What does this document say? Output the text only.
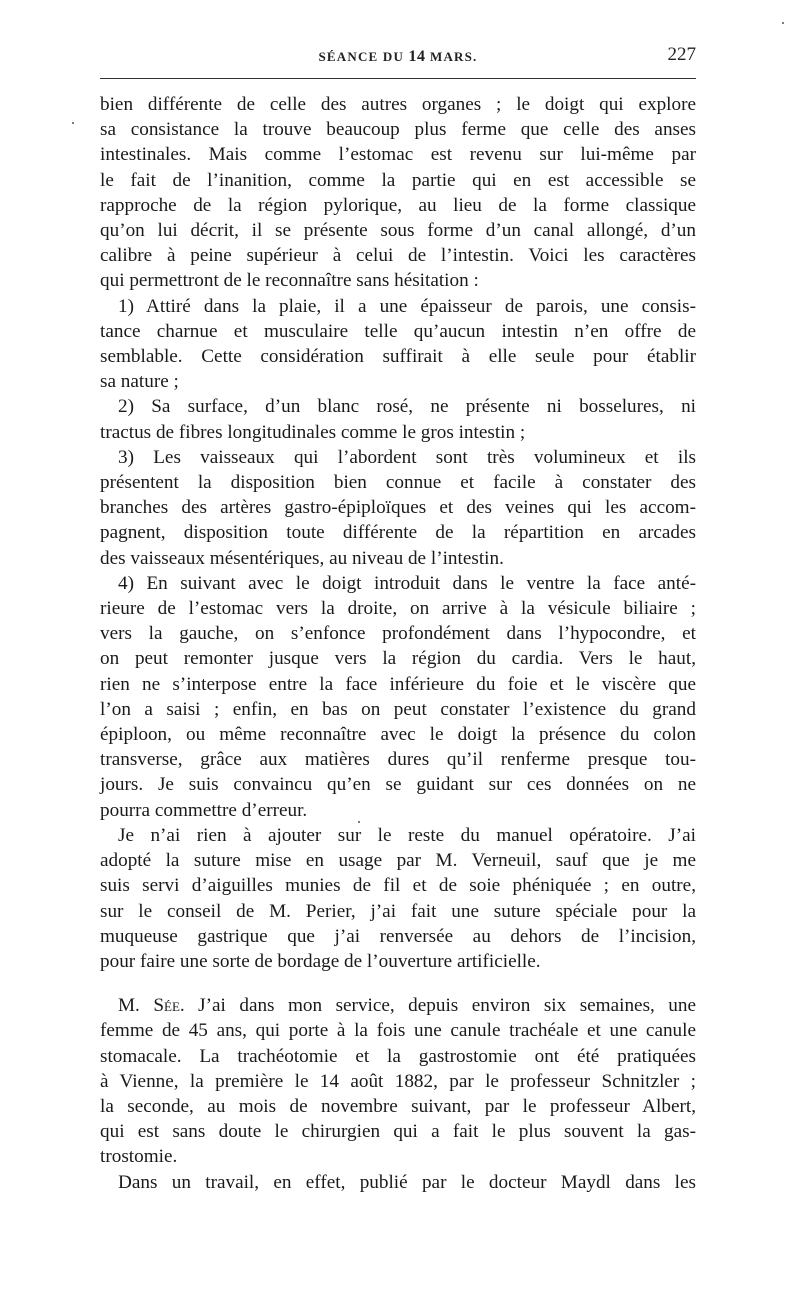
SÉANCE DU 14 MARS.	227
bien différente de celle des autres organes ; le doigt qui explore
sa consistance la trouve beaucoup plus ferme que celle des anses
intestinales. Mais comme l’estomac est revenu sur lui-même par
le fait de l’inanition, comme la partie qui en est accessible se
rapproche de la région pylorique, au lieu de la forme classique
qu’on lui décrit, il se présente sous forme d’un canal allongé, d’un
calibre à peine supérieur à celui de l’intestin. Voici les caractères
qui permettront de le reconnaître sans hésitation :
1) Attiré dans la plaie, il a une épaisseur de parois, une consis-
tance charnue et musculaire telle qu’aucun intestin n’en offre de
semblable. Cette considération suffirait à elle seule pour établir
sa nature ;
2) Sa surface, d’un blanc rosé, ne présente ni bosselures, ni
tractus de fibres longitudinales comme le gros intestin ;
3) Les vaisseaux qui l’abordent sont très volumineux et ils
présentent la disposition bien connue et facile à constater des
branches des artères gastro-épiploïques et des veines qui les accom-
pagnent, disposition toute différente de la répartition en arcades
des vaisseaux mésentériques, au niveau de l’intestin.
4) En suivant avec le doigt introduit dans le ventre la face anté-
rieure de l’estomac vers la droite, on arrive à la vésicule biliaire ;
vers la gauche, on s’enfonce profondément dans l’hypocondre, et
on peut remonter jusque vers la région du cardia. Vers le haut,
rien ne s’interpose entre la face inférieure du foie et le viscère que
l’on a saisi ; enfin, en bas on peut constater l’existence du grand
épiploon, ou même reconnaître avec le doigt la présence du colon
transverse, grâce aux matières dures qu’il renferme presque tou-
jours. Je suis convaincu qu’en se guidant sur ces données on ne
pourra commettre d’erreur.
Je n’ai rien à ajouter sur le reste du manuel opératoire. J’ai
adopté la suture mise en usage par M. Verneuil, sauf que je me
suis servi d’aiguilles munies de fil et de soie phéniquée ; en outre,
sur le conseil de M. Perier, j’ai fait une suture spéciale pour la
muqueuse gastrique que j’ai renversée au dehors de l’incision,
pour faire une sorte de bordage de l’ouverture artificielle.
M. Sée. J’ai dans mon service, depuis environ six semaines, une
femme de 45 ans, qui porte à la fois une canule trachéale et une canule
stomacale. La trachéotomie et la gastrostomie ont été pratiquées
à Vienne, la première le 14 août 1882, par le professeur Schnitzler ;
la seconde, au mois de novembre suivant, par le professeur Albert,
qui est sans doute le chirurgien qui a fait le plus souvent la gas-
trostomie.
Dans un travail, en effet, publié par le docteur Maydl dans les
